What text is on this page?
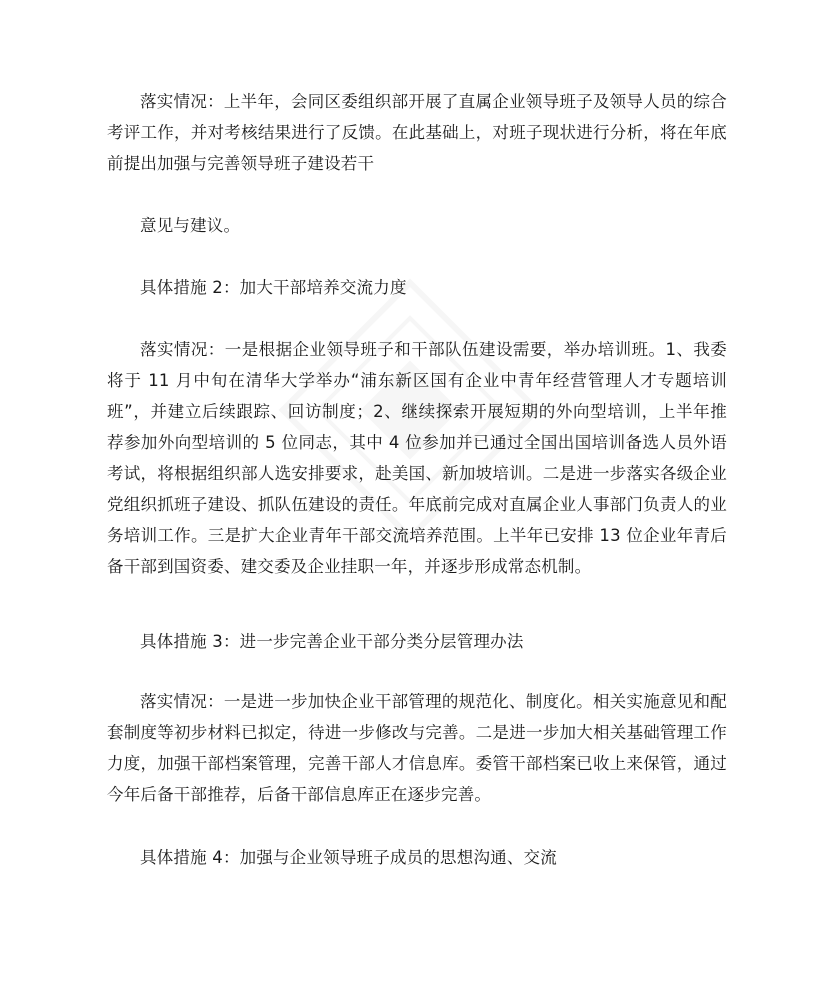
落实情况：上半年，会同区委组织部开展了直属企业领导班子及领导人员的综合考评工作，并对考核结果进行了反馈。在此基础上，对班子现状进行分析，将在年底前提出加强与完善领导班子建设若干

意见与建议。

具体措施 2：加大干部培养交流力度

落实情况：一是根据企业领导班子和干部队伍建设需要，举办培训班。1、我委将于 11 月中旬在清华大学举办“浦东新区国有企业中青年经营管理人才专题培训班”，并建立后续跟踪、回访制度；2、继续探索开展短期的外向型培训，上半年推荐参加外向型培训的 5 位同志，其中 4 位参加并已通过全国出国培训备选人员外语考试，将根据组织部人选安排要求，赴美国、新加坡培训。二是进一步落实各级企业党组织抓班子建设、抓队伍建设的责任。年底前完成对直属企业人事部门负责人的业务培训工作。三是扩大企业青年干部交流培养范围。上半年已安排 13 位企业年青后备干部到国资委、建交委及企业挂职一年，并逐步形成常态机制。

具体措施 3：进一步完善企业干部分类分层管理办法

落实情况：一是进一步加快企业干部管理的规范化、制度化。相关实施意见和配套制度等初步材料已拟定，待进一步修改与完善。二是进一步加大相关基础管理工作力度，加强干部档案管理，完善干部人才信息库。委管干部档案已收上来保管，通过今年后备干部推荐，后备干部信息库正在逐步完善。

具体措施 4：加强与企业领导班子成员的思想沟通、交流
